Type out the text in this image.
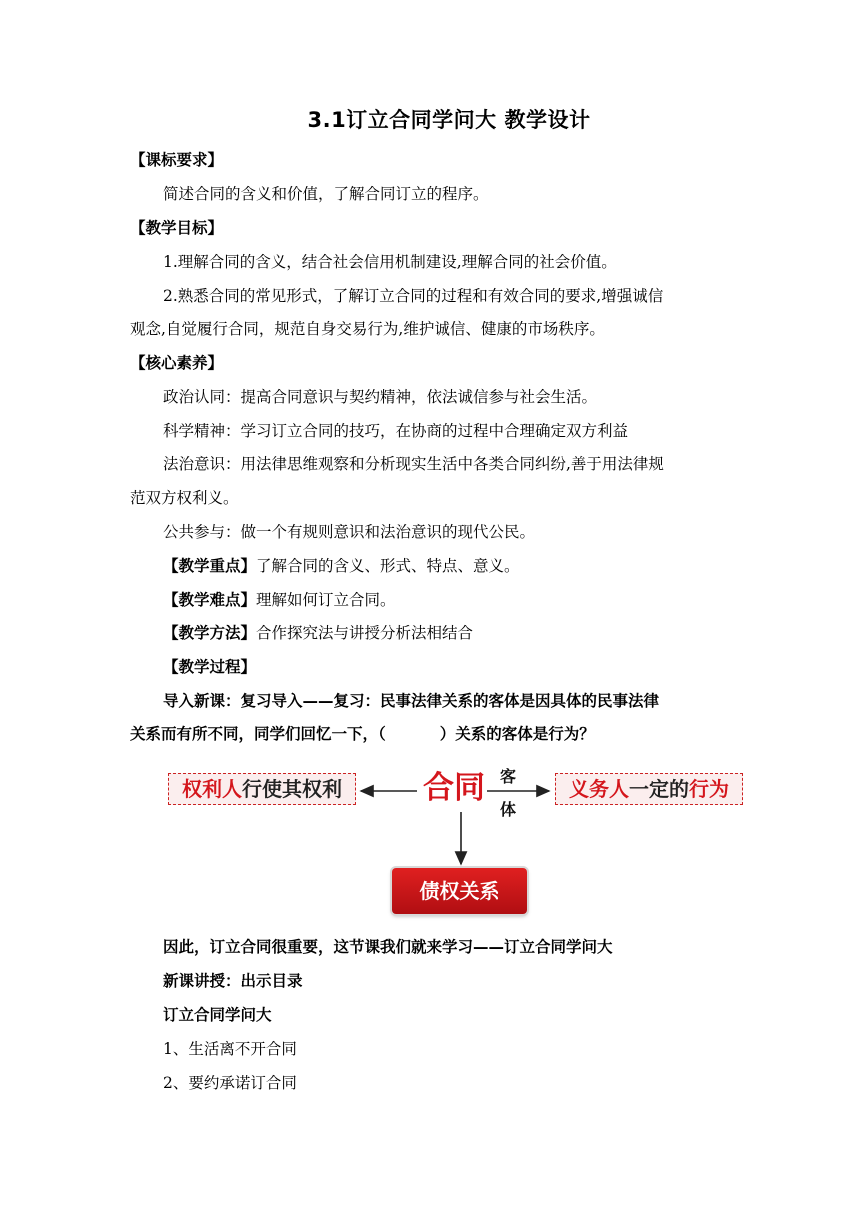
3.1订立合同学问大 教学设计
【课标要求】
简述合同的含义和价值，了解合同订立的程序。
【教学目标】
1.理解合同的含义，结合社会信用机制建设,理解合同的社会价值。
2.熟悉合同的常见形式，了解订立合同的过程和有效合同的要求,增强诚信
观念,自觉履行合同，规范自身交易行为,维护诚信、健康的市场秩序。
【核心素养】
政治认同：提高合同意识与契约精神，依法诚信参与社会生活。
科学精神：学习订立合同的技巧，在协商的过程中合理确定双方利益
法治意识：用法律思维观察和分析现实生活中各类合同纠纷,善于用法律规
范双方权利义。
公共参与：做一个有规则意识和法治意识的现代公民。
【教学重点】了解合同的含义、形式、特点、意义。
【教学难点】理解如何订立合同。
【教学方法】合作探究法与讲授分析法相结合
【教学过程】
导入新课：复习导入——复习：民事法律关系的客体是因具体的民事法律
关系而有所不同，同学们回忆一下，（	）关系的客体是行为？
权利人行使其权利	合同 客
体
义务人一定的行为
债权关系
因此，订立合同很重要，这节课我们就来学习——订立合同学问大
新课讲授：出示目录
订立合同学问大
1、生活离不开合同
2、要约承诺订合同
